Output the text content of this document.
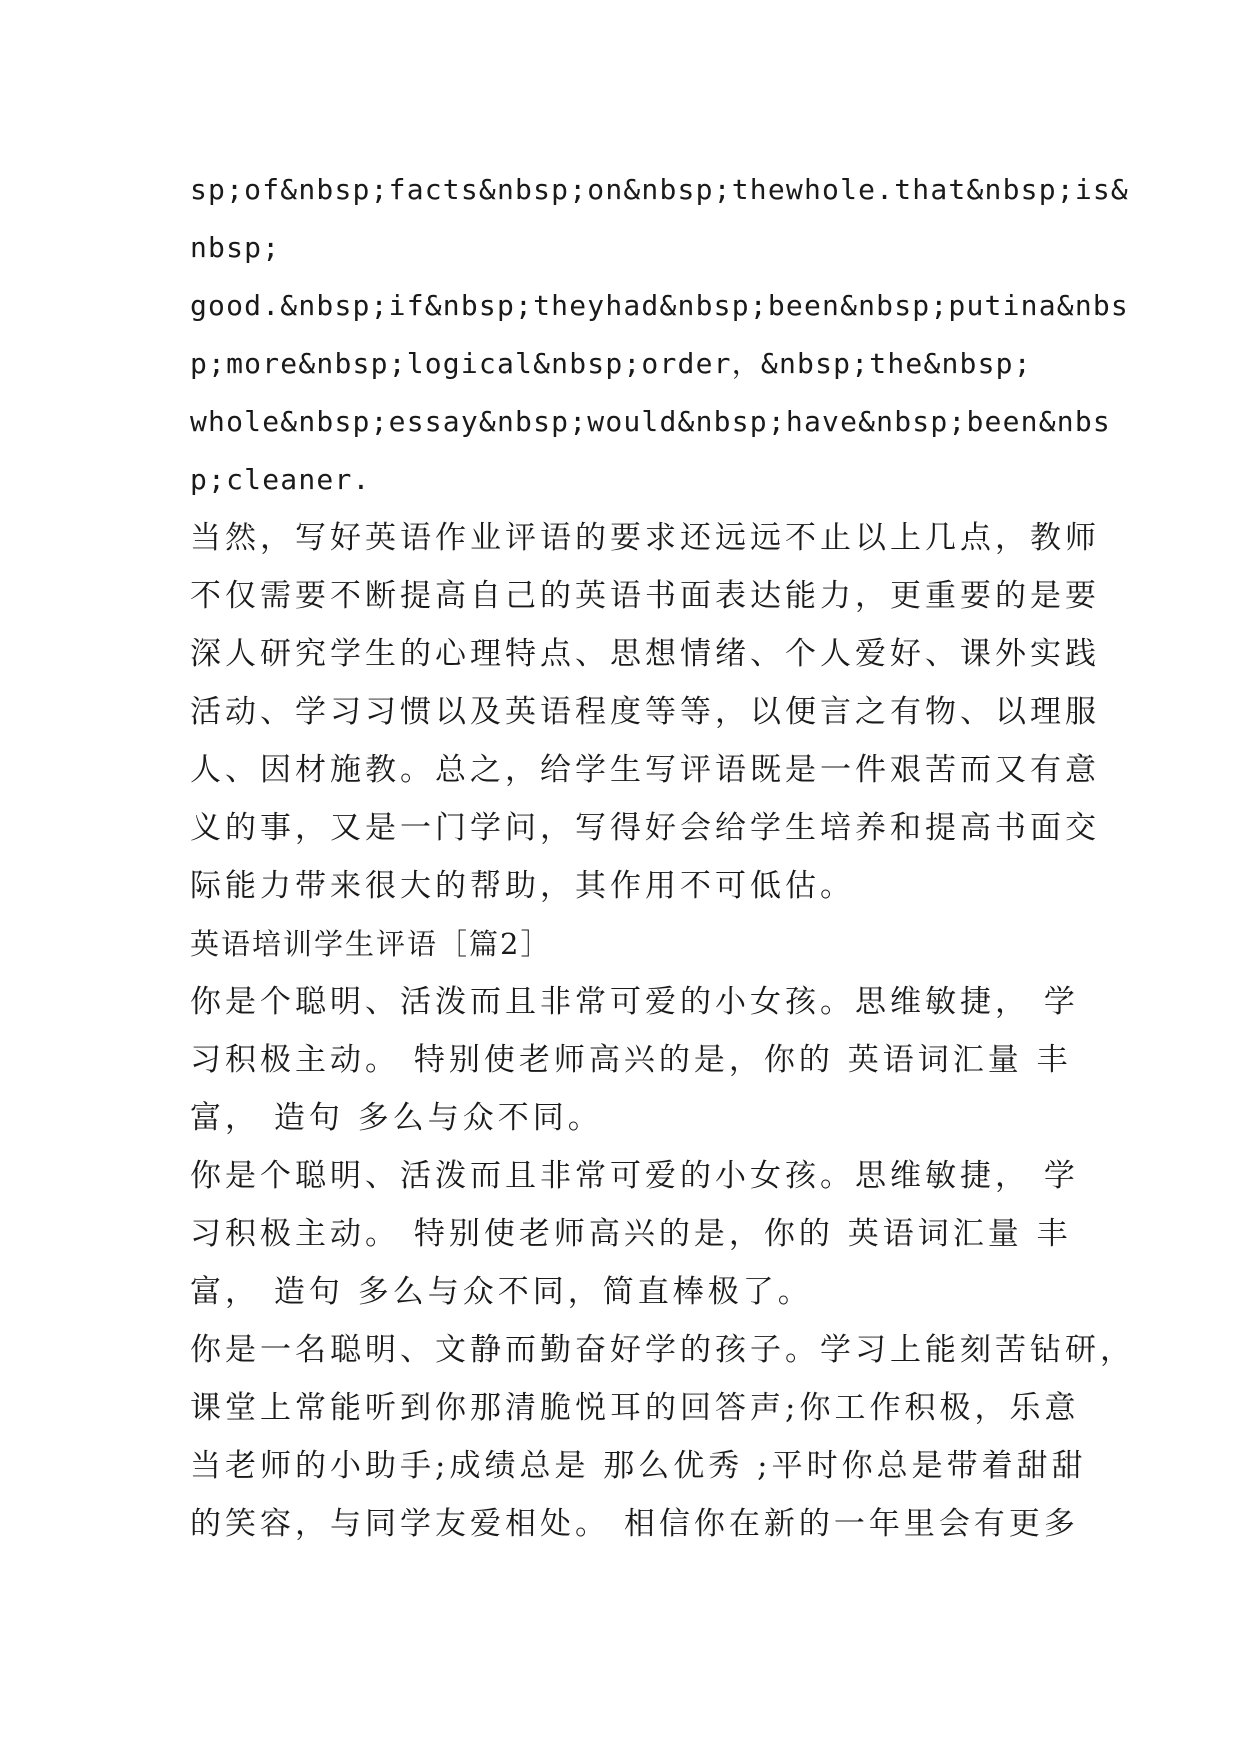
sp;of&nbsp;facts&nbsp;on&nbsp;thewhole.that&nbsp;is&
nbsp;
good.&nbsp;if&nbsp;theyhad&nbsp;been&nbsp;putina&nbs
p;more&nbsp;logical&nbsp;order，&nbsp;the&nbsp;
whole&nbsp;essay&nbsp;would&nbsp;have&nbsp;been&nbs
p;cleaner.
当然，写好英语作业评语的要求还远远不止以上几点，教师
不仅需要不断提高自己的英语书面表达能力，更重要的是要
深人研究学生的心理特点、思想情绪、个人爱好、课外实践
活动、学习习惯以及英语程度等等，以便言之有物、以理服
人、因材施教。总之，给学生写评语既是一件艰苦而又有意
义的事，又是一门学问，写得好会给学生培养和提高书面交
际能力带来很大的帮助，其作用不可低估。
英语培训学生评语［篇2］
你是个聪明、活泼而且非常可爱的小女孩。思维敏捷， 学
习积极主动。 特别使老师高兴的是，你的 英语词汇量 丰
富， 造句 多么与众不同。
你是个聪明、活泼而且非常可爱的小女孩。思维敏捷， 学
习积极主动。 特别使老师高兴的是，你的 英语词汇量 丰
富， 造句 多么与众不同，简直棒极了。
你是一名聪明、文静而勤奋好学的孩子。学习上能刻苦钻研，
课堂上常能听到你那清脆悦耳的回答声;你工作积极，乐意
当老师的小助手;成绩总是 那么优秀 ;平时你总是带着甜甜
的笑容，与同学友爱相处。 相信你在新的一年里会有更多
